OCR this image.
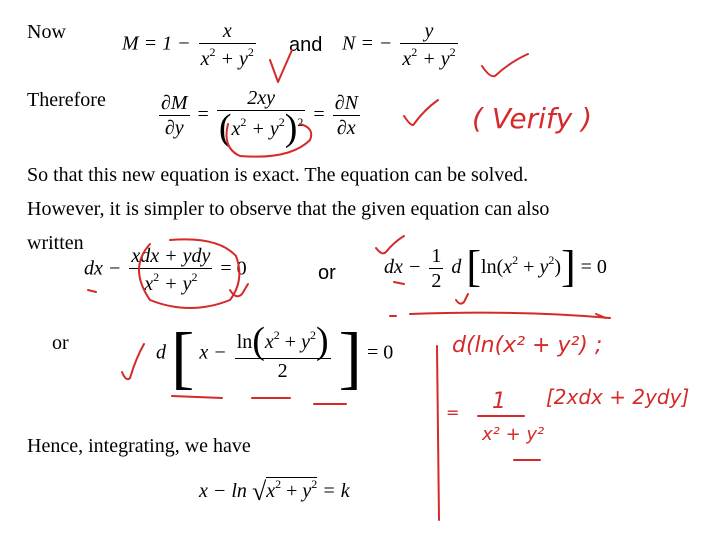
Now
$M = 1 - \frac{x}{x^2 + y^2}$ and N = − $\frac{y}{x^2 + y^2}$
Therefore	$\frac{\partial M}{\partial y} = \frac{2xy}{(x^2 + y^2)^2} = \frac{\partial N}{\partial x}$
So that this new equation is exact. The equation can be solved.
However, it is simpler to observe that the given equation can also
written
dx − $\frac{\text{xdx + ydy}}{x^2 + y^2} = 0$	or dx − $\frac{1}{2}$ d $[\ln(x^2 + y^2)] = 0$
or	d [ $x - \frac{\ln(x^2 + y^2)}{2}$ ] = 0
Hence, integrating, we have
$x - \ln √x^2 + y^2 = k$
( Verify )
d(ln(x² + y²) ;
= 1
x² + y²
[2xdx + 2ydy]
